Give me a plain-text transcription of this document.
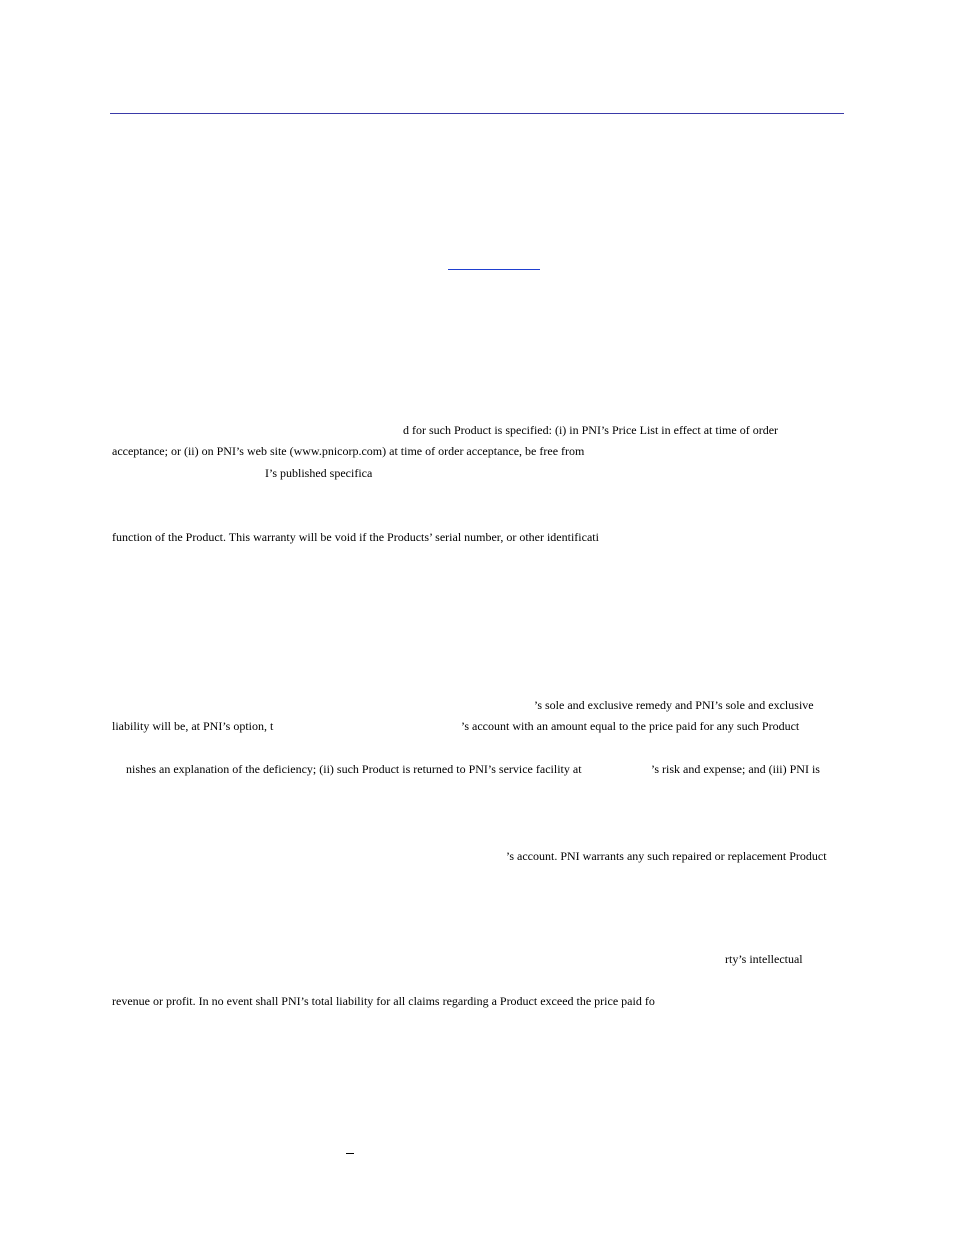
d for such Product is specified: (i) in PNI’s Price List in effect at time of order
acceptance; or (ii) on PNI’s web site (www.pnicorp.com) at time of order acceptance, be free from
I’s published specifica
function of the Product. This warranty will be void if the Products’ serial number, or other identificati
’s sole and exclusive remedy and PNI’s sole and exclusive
liability will be, at PNI’s option, t	’s account with an amount equal to the price paid for any such Product
nishes an explanation of the deficiency; (ii) such Product is returned to PNI’s service facility at	’s risk and expense; and (iii) PNI is
’s account. PNI warrants any such repaired or replacement Product
rty’s intellectual
revenue or profit. In no event shall PNI’s total liability for all claims regarding a Product exceed the price paid fo
